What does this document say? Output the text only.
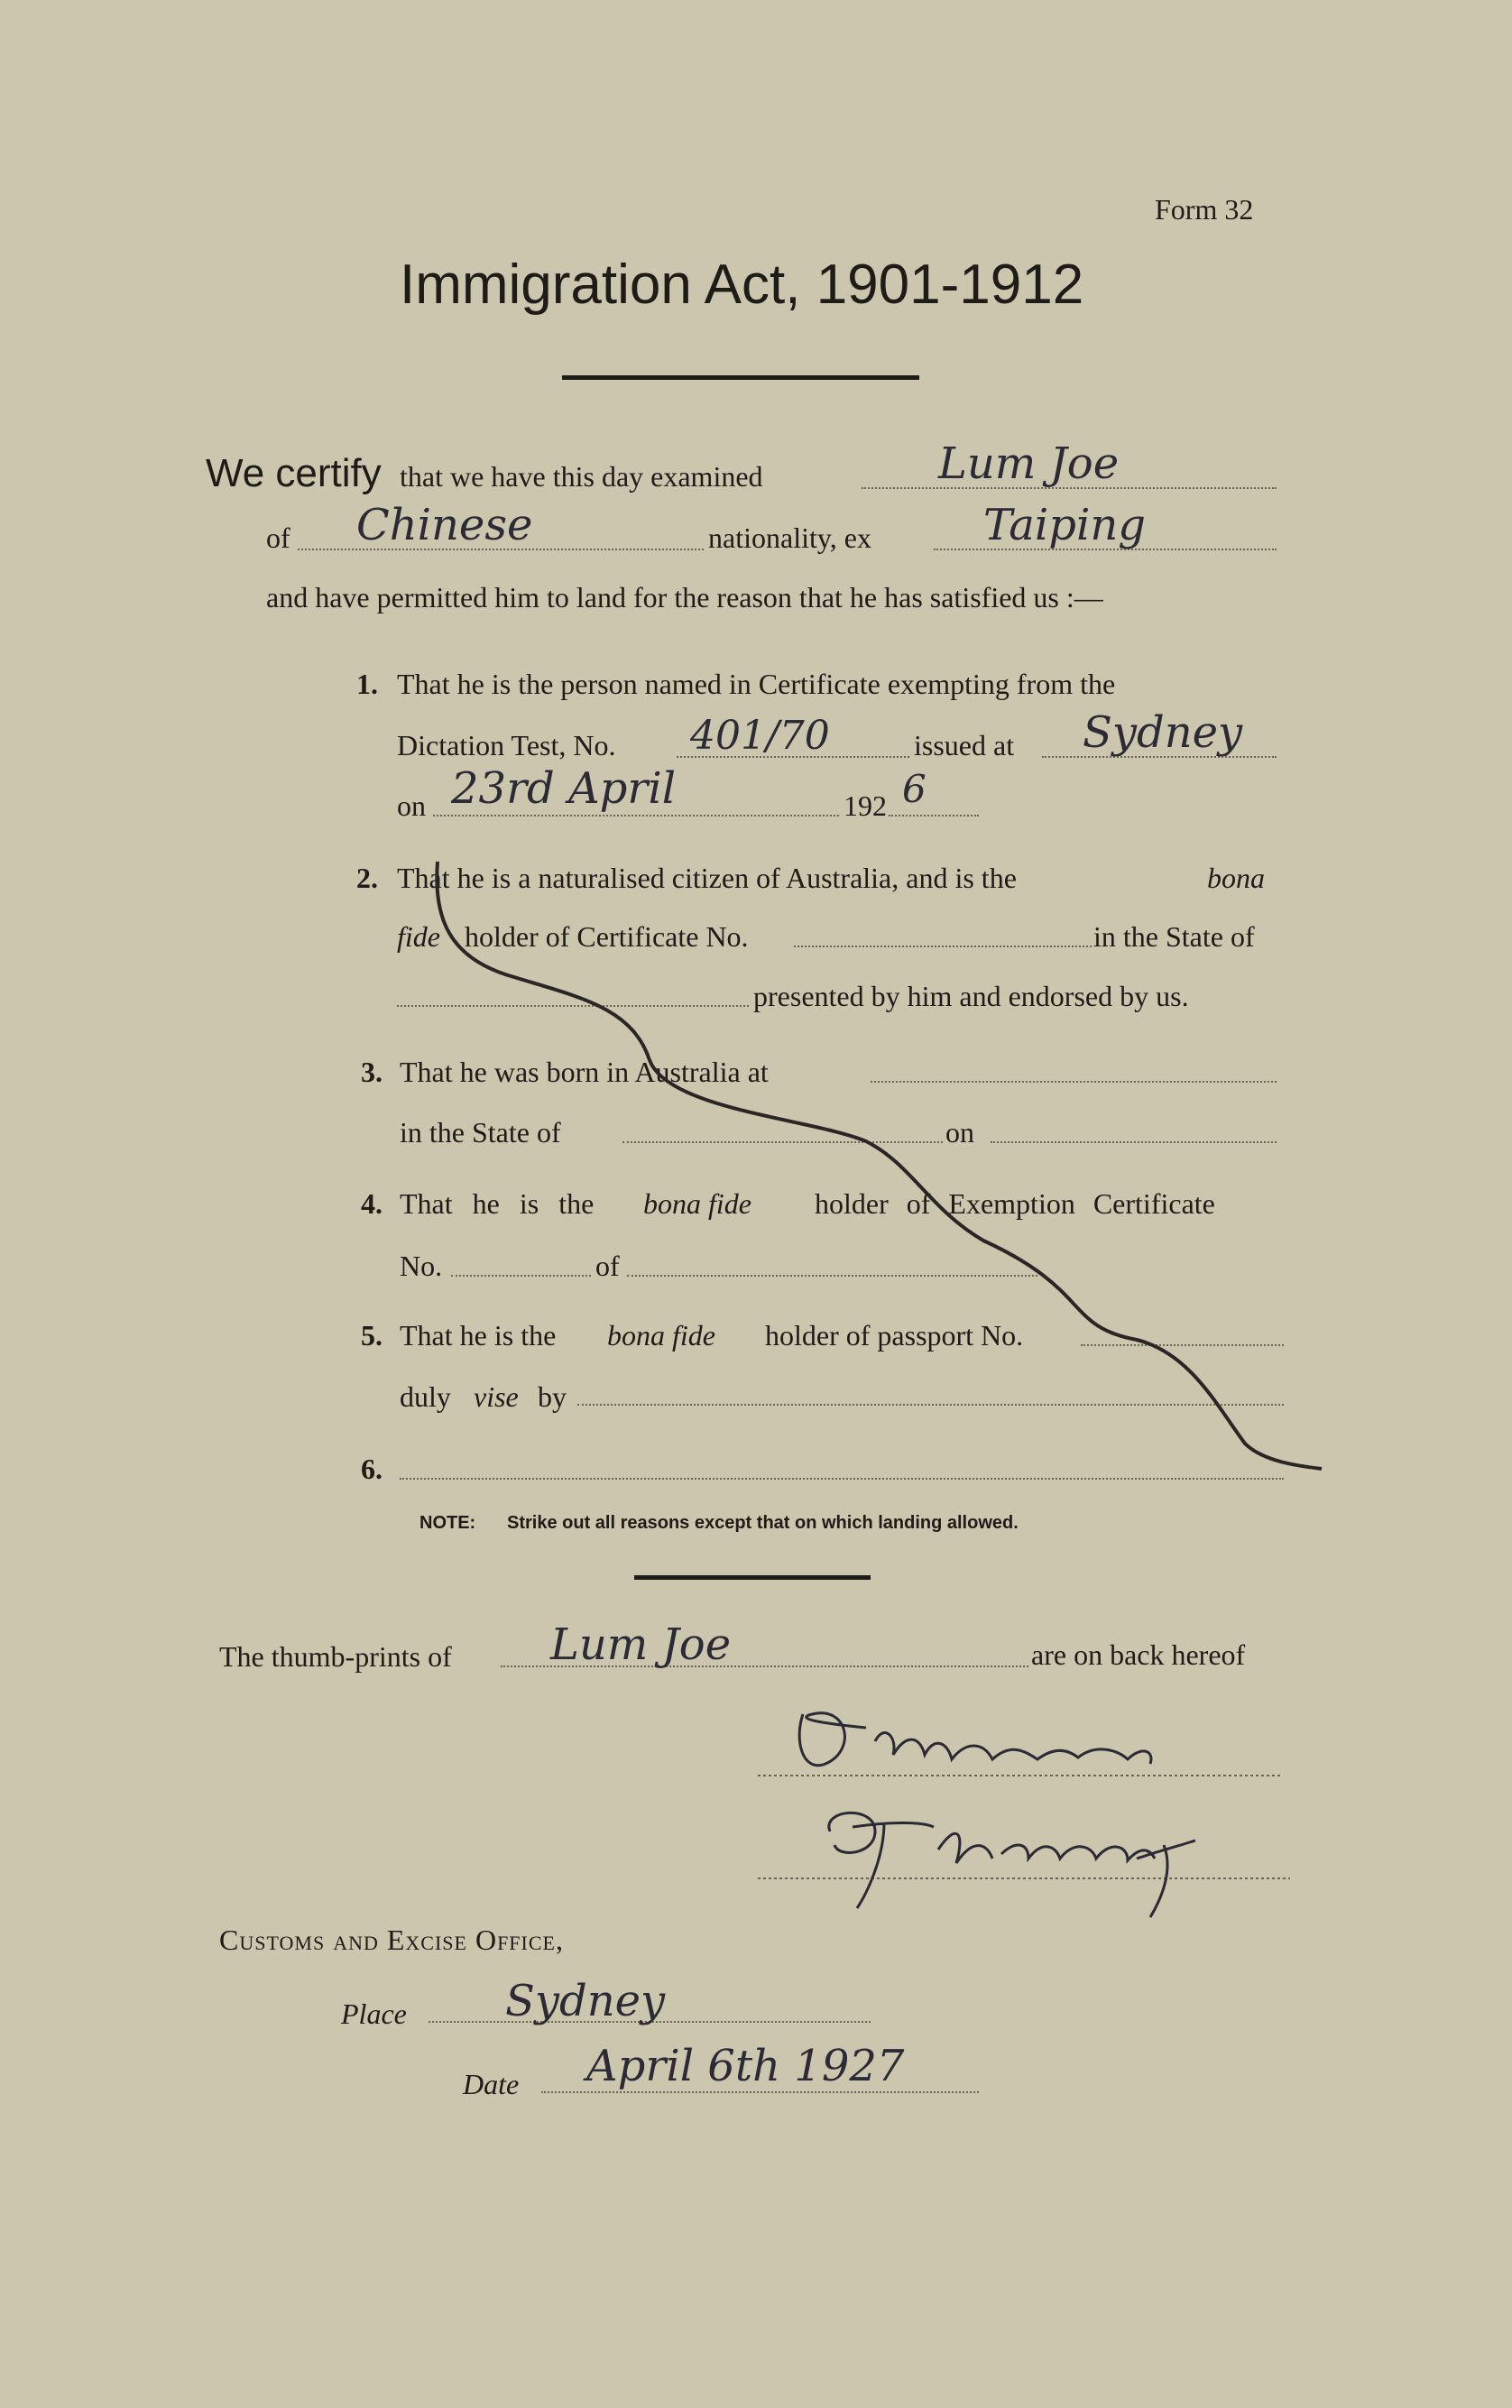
Form 32
Immigration Act, 1901-1912
We certify that we have this day examined	Lum Joe
of Chinese	nationality, ex	Taiping
and have permitted him to land for the reason that he has satisfied us :—
1. That he is the person named in Certificate exempting from the
Dictation Test, No. 401/70	issued at Sydney
on 23rd April	192 6
2. That he is a naturalised citizen of Australia, and is the	bona
fide holder of Certificate No.	in the State of
presented by him and endorsed by us.
3. That he was born in Australia at
in the State of	on
4. That he is the bona fide holder of Exemption Certificate
No.	of
5. That he is the bona fide holder of passport No.
duly vise by
6.
NOTE: Strike out all reasons except that on which landing allowed.
The thumb-prints of Lum Joe	are on back hereof
Customs and Excise Office,
Place Sydney
Date April 6th 1927
